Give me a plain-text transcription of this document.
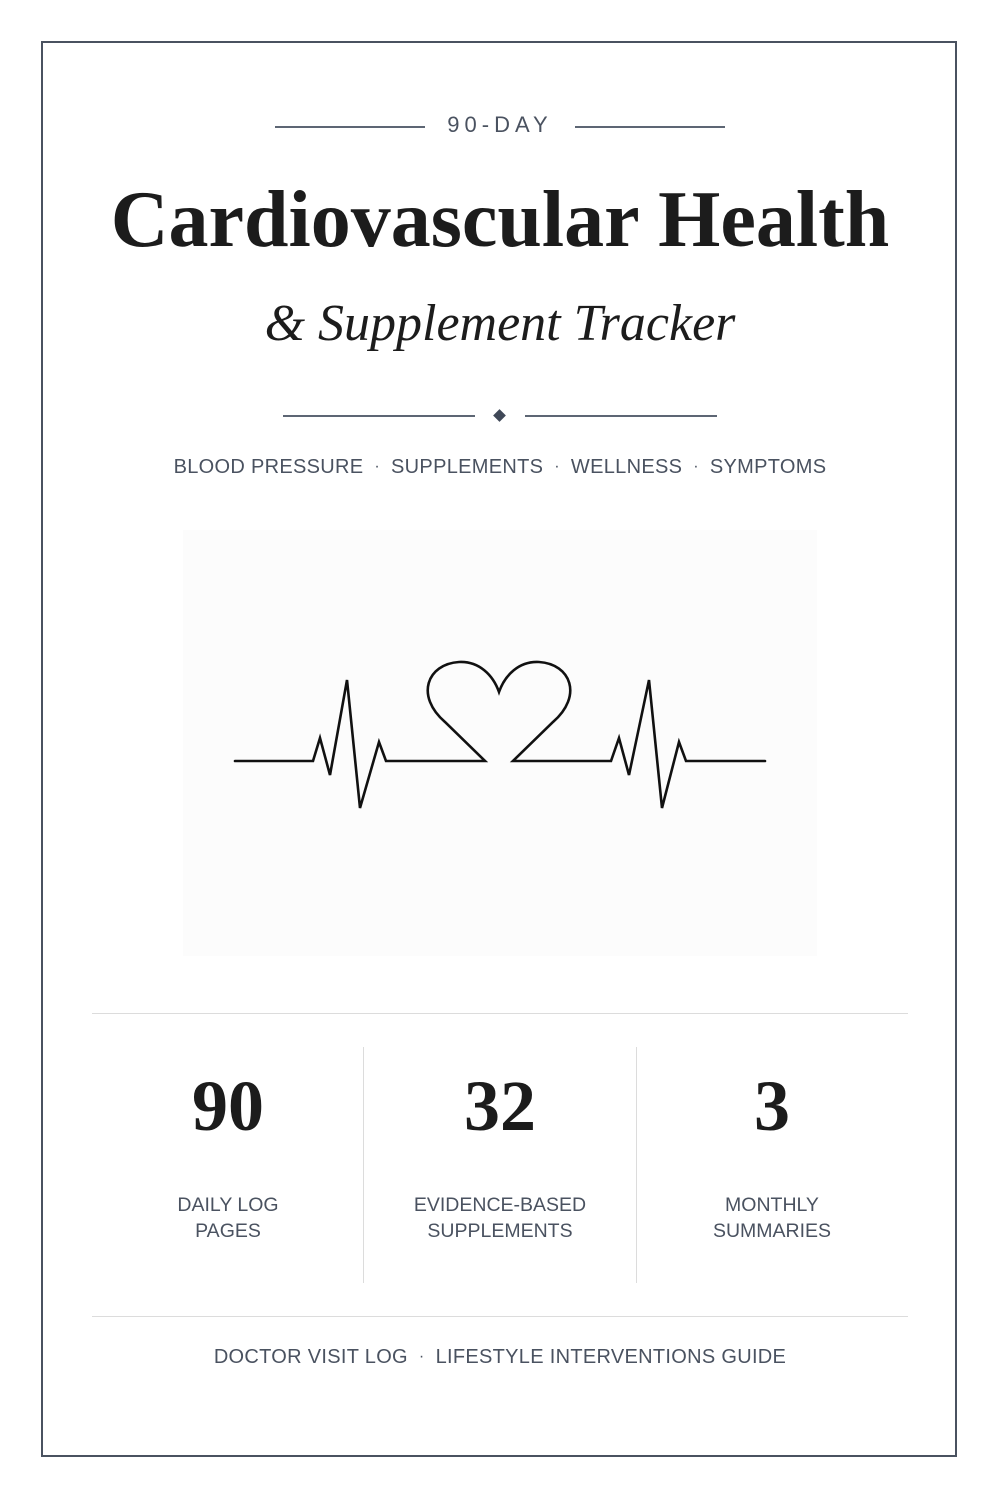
90-DAY
Cardiovascular Health
& Supplement Tracker
BLOOD PRESSURE · SUPPLEMENTS · WELLNESS · SYMPTOMS
90
DAILY LOG
PAGES
32
EVIDENCE-BASED
SUPPLEMENTS
3
MONTHLY
SUMMARIES
DOCTOR VISIT LOG · LIFESTYLE INTERVENTIONS GUIDE
